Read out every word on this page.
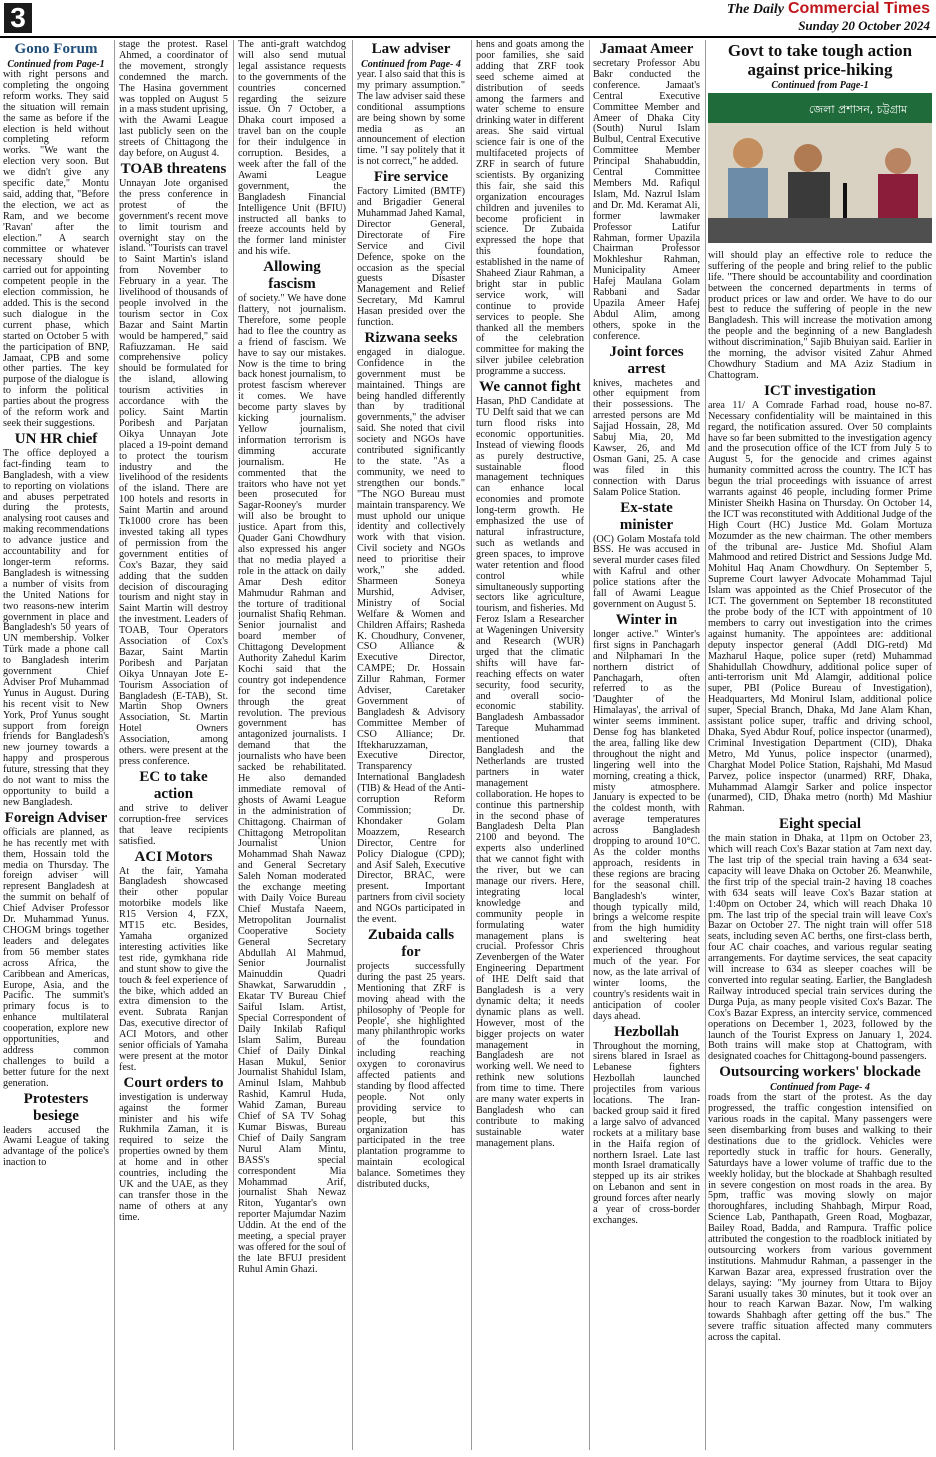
3	The Daily Commercial Times
Sunday 20 October 2024
Gono Forum
Continued from Page-1

with right persons and completing the ongoing reform works. They said the situation will remain the same as before if the election is held without completing reform works. "We want the election very soon. But we didn't give any specific date," Montu said, adding that, "Before the election, we act as Ram, and we become 'Ravan' after the election." A search committee or whatever necessary should be carried out for appointing competent people in the election commission, he added. This is the second such dialogue in the current phase, which started on October 5 with the participation of BNP, Jamaat, CPB and some other parties. The key purpose of the dialogue is to inform the political parties about the progress of the reform work and seek their suggestions.

UN HR chief

The office deployed a fact-finding team to Bangladesh, with a view to reporting on violations and abuses perpetrated during the protests, analysing root causes and making recommendations to advance justice and accountability and for longer-term reforms. Bangladesh is witnessing a number of visits from the United Nations for two reasons-new interim government in place and Bangladesh's 50 years of UN membership. Volker Türk made a phone call to Bangladesh interim government Chief Adviser Prof Muhammad Yunus in August. During his recent visit to New York, Prof Yunus sought support from foreign friends for Bangladesh's new journey towards a happy and prosperous future, stressing that they do not want to miss the opportunity to build a new Bangladesh.

Foreign Adviser

officials are planned, as he has recently met with them, Hossain told the media on Thursday. The foreign adviser will represent Bangladesh at the summit on behalf of Chief Adviser Professor Dr. Muhammad Yunus. CHOGM brings together leaders and delegates from 56 member states across Africa, the Caribbean and Americas, Europe, Asia, and the Pacific. The summit's primary focus is to enhance multilateral cooperation, explore new opportunities, and address common challenges to build a better future for the next generation.

Protesters besiege

leaders accused the Awami League of taking advantage of the police's inaction to

stage the protest. Rasel Ahmed, a coordinator of the movement, strongly condemned the march. The Hasina government was toppled on August 5 in a mass student uprising, with the Awami League last publicly seen on the streets of Chittagong the day before, on August 4.

TOAB threatens

Unnayan Jote organised the press conference in protest of the government's recent move to limit tourism and overnight stay on the island. "Tourists can travel to Saint Martin's island from November to February in a year. The livelihood of thousands of people involved in the tourism sector in Cox Bazar and Saint Martin would be hampered," said Rafiuzzaman. He said comprehensive policy should be formulated for the island, allowing tourism activities in accordance with the policy. Saint Martin Poribesh and Parjatan Oikya Unnayan Jote placed a 19-point demand to protect the tourism industry and the livelihood of the residents of the island. There are 100 hotels and resorts in Saint Martin and around Tk1000 crore has been invested taking all types of permission from the government entities of Cox's Bazar, they said adding that the sudden decision of discouraging tourism and night stay in Saint Martin will destroy the investment. Leaders of TOAB, Tour Operators Association of Cox's Bazar, Saint Martin Poribesh and Parjatan Oikya Unnayan Jote E-Tourism Association of Bangladesh (E-TAB), St. Martin Shop Owners Association, St. Martin Hotel Owners Association, among others. were present at the press conference.

EC to take action

and strive to deliver corruption-free services that leave recipients satisfied.

ACI Motors

At the fair, Yamaha Bangladesh showcased their other popular motorbike models like R15 Version 4, FZX, MT15 etc. Besides, Yamaha organized interesting activities like test ride, gymkhana ride and stunt show to give the touch & feel experience of the bike, which added an extra dimension to the event. Subrata Ranjan Das, executive director of ACI Motors, and other senior officials of Yamaha were present at the motor fest.

Court orders to

investigation is underway against the former minister and his wife Rukhmila Zaman, it is required to seize the properties owned by them at home and in other countries, including the UK and the UAE, as they can transfer those in the name of others at any time.

The anti-graft watchdog will also send mutual legal assistance requests to the governments of the countries concerned regarding the seizure issue. On 7 October, a Dhaka court imposed a travel ban on the couple for their indulgence in corruption. Besides, a week after the fall of the Awami League government, the Bangladesh Financial Intelligence Unit (BFIU) instructed all banks to freeze accounts held by the former land minister and his wife.

Allowing fascism

of society." We have done flattery, not journalism. Therefore, some people had to flee the country as a friend of fascism. We have to say our mistakes. Now is the time to bring back honest journalism, to protest fascism wherever it comes. We have become party slaves by kicking journalism. Yellow journalism, information terrorism is dimming accurate journalism. He commented that the traitors who have not yet been prosecuted for Sagar-Rooney's murder will also be brought to justice. Apart from this, Quader Gani Chowdhury also expressed his anger that no media played a role in the attack on daily Amar Desh editor Mahmudur Rahman and the torture of traditional journalist Shafiq Rehman. Senior journalist and board member of Chittagong Development Authority Zahedul Karim Kochi said that the country got independence for the second time through the great revolution. The previous government has antagonized journalists. I demand that the journalists who have been sacked be rehabilitated. He also demanded immediate removal of ghosts of Awami League in the administration of Chittagong. Chairman of Chittagong Metropolitan Journalist Union Mohammad Shah Nawaz and General Secretary Saleh Noman moderated the exchange meeting with Daily Voice Bureau Chief Mustafa Naeem, Metropolitan Journalist Cooperative Society General Secretary Abdullah Al Mahmud, Senior Journalist Mainuddin Quadri Shawkat, Sarwaruddin , Ekatar TV Bureau Chief Saiful Islam. Artist, Special Correspondent of Daily Inkilab Rafiqul Islam Salim, Bureau Chief of Daily Dinkal Hasan Mukul, Senior Journalist Shahidul Islam, Aminul Islam, Mahbub Rashid, Kamrul Huda, Wahid Zaman, Bureau Chief of SA TV Sohag Kumar Biswas, Bureau Chief of Daily Sangram Nurul Alam Mintu, BASS's special correspondent Mia Mohammad Arif, journalist Shah Newaz Riton, Yugantar's own reporter Majumdar Nazim Uddin. At the end of the meeting, a special prayer was offered for the soul of the late BFUJ president Ruhul Amin Ghazi.

Law adviser
Continued from Page- 4

year. I also said that this is my primary assumption." The law adviser said these conditional assumptions are being shown by some media as an announcement of election time. "I say politely that it is not correct," he added.

Fire service

Factory Limited (BMTF) and Brigadier General Muhammad Jahed Kamal, Director General, Directorate of Fire Service and Civil Defence, spoke on the occasion as the special guests Disaster Management and Relief Secretary, Md Kamrul Hasan presided over the function.

Rizwana seeks

engaged in dialogue. Confidence in the government must be maintained. Things are being handled differently than by traditional governments," the adviser said. She noted that civil society and NGOs have contributed significantly to the state. "As a community, we need to strengthen our bonds." "The NGO Bureau must maintain transparency. We must uphold our unique identity and collectively work with that vision. Civil society and NGOs need to prioritise their work," she added. Sharmeen Soneya Murshid, Adviser, Ministry of Social Welfare & Women and Children Affairs; Rasheda K. Choudhury, Convener, CSO Alliance & Executive Director, CAMPE; Dr. Hossain Zillur Rahman, Former Adviser, Caretaker Government of Bangladesh & Advisory Committee Member of CSO Alliance; Dr. Iftekharuzzaman, Executive Director, Transparency International Bangladesh (TIB) & Head of the Anti-corruption Reform Commission; Dr. Khondaker Golam Moazzem, Research Director, Centre for Policy Dialogue (CPD); and Asif Saleh, Executive Director, BRAC, were present. Important partners from civil society and NGOs participated in the event.

Zubaida calls for

projects successfully during the past 25 years. Mentioning that ZRF is moving ahead with the philosophy of 'People for People', she highlighted many philanthropic works of the foundation including reaching oxygen to coronavirus affected patients and standing by flood affected people. Not only providing service to people, but this organization has participated in the tree plantation programme to maintain ecological balance. Sometimes they distributed ducks,

hens and goats among the poor families, she said adding that ZRF took seed scheme aimed at distribution of seeds among the farmers and water scheme to ensure drinking water in different areas. She said virtual science fair is one of the multifaceted projects of ZRF in search of future scientists. By organizing this fair, she said this organization encourages children and juveniles to become proficient in science. Dr Zubaida expressed the hope that this foundation, established in the name of Shaheed Ziaur Rahman, a bright star in public service work, will continue to provide services to people. She thanked all the members of the celebration committee for making the silver jubilee celebration programme a success.

We cannot fight

Hasan, PhD Candidate at TU Delft said that we can turn flood risks into economic opportunities. Instead of viewing floods as purely destructive, sustainable flood management techniques can enhance local economies and promote long-term growth. He emphasized the use of natural infrastructure, such as wetlands and green spaces, to improve water retention and flood control while simultaneously supporting sectors like agriculture, tourism, and fisheries. Md Feroz Islam a Researcher at Wageningen University and Research (WUR) urged that the climatic shifts will have far-reaching effects on water security, food security, and overall socio-economic stability. Bangladesh Ambassador Tareque Muhammad mentioned that Bangladesh and the Netherlands are trusted partners in water management collaboration. He hopes to continue this partnership in the second phase of Bangladesh Delta Plan 2100 and beyond. The experts also underlined that we cannot fight with the river, but we can manage our rivers. Here, integrating local knowledge and community people in formulating water management plans is crucial. Professor Chris Zevenbergen of the Water Engineering Department of IHE Delft said that Bangladesh is a very dynamic delta; it needs dynamic plans as well. However, most of the bigger projects on water management in Bangladesh are not working well. We need to rethink new solutions from time to time. There are many water experts in Bangladesh who can contribute to making sustainable water management plans.

Jamaat Ameer

secretary Professor Abu Bakr conducted the conference. Jamaat's Central Executive Committee Member and Ameer of Dhaka City (South) Nurul Islam Bulbul, Central Executive Committee Member Principal Shahabuddin, Central Committee Members Md. Rafiqul Islam, Md. Nazrul Islam and Dr. Md. Keramat Ali, former lawmaker Professor Latifur Rahman, former Upazila Chairman Professor Mokhleshur Rahman, Municipality Ameer Hafej Maulana Golam Rabbani and Sadar Upazila Ameer Hafej Abdul Alim, among others, spoke in the conference.

Joint forces arrest

knives, machetes and other equipment from their possessions. The arrested persons are Md Sajjad Hossain, 28, Md Sabuj Mia, 20, Md Kawser, 26, and Md Osman Gani, 25. A case was filed in this connection with Darus Salam Police Station.

Ex-state minister

(OC) Golam Mostafa told BSS. He was accused in several murder cases filed with Kafrul and other police stations after the fall of Awami League government on August 5.

Winter in

longer active." Winter's first signs in Panchagarh and Nilphamari In the northern district of Panchagarh, often referred to as the 'Daughter of the Himalayas', the arrival of winter seems imminent. Dense fog has blanketed the area, falling like dew throughout the night and lingering well into the morning, creating a thick, misty atmosphere. January is expected to be the coldest month, with average temperatures across Bangladesh dropping to around 10°C. As the colder months approach, residents in these regions are bracing for the seasonal chill. Bangladesh's winter, though typically mild, brings a welcome respite from the high humidity and sweltering heat experienced throughout much of the year. For now, as the late arrival of winter looms, the country's residents wait in anticipation of cooler days ahead.

Hezbollah

Throughout the morning, sirens blared in Israel as Lebanese fighters Hezbollah launched projectiles from various locations. The Iran-backed group said it fired a large salvo of advanced rockets at a military base in the Haifa region of northern Israel. Late last month Israel dramatically stepped up its air strikes on Lebanon and sent in ground forces after nearly a year of cross-border exchanges.

Govt to take tough action against price-hiking
Continued from Page-1
জেলা প্রশাসন, চট্টগ্রাম

will should play an effective role to reduce the suffering of the people and bring relief to the public life. "There should be accountability and coordination between the concerned departments in terms of product prices or law and order. We have to do our best to reduce the suffering of people in the new Bangladesh. This will increase the motivation among the people and the beginning of a new Bangladesh without discrimination," Sajib Bhuiyan said. Earlier in the morning, the advisor visited Zahur Ahmed Chowdhury Stadium and MA Aziz Stadium in Chattogram.

ICT investigation

area 11/ A Comrade Farhad road, house no-87. Necessary confidentiality will be maintained in this regard, the notification assured. Over 50 complaints have so far been submitted to the investigation agency and the prosecution office of the ICT from July 5 to August 5, for the genocide and crimes against humanity committed across the country. The ICT has begun the trial proceedings with issuance of arrest warrants against 46 people, including former Prime Minister Sheikh Hasina on Thursday. On October 14, the ICT was reconstituted with Additional Judge of the High Court (HC) Justice Md. Golam Mortuza Mozumder as the new chairman. The other members of the tribunal are- Justice Md. Shofiul Alam Mahmood and retired District and Sessions Judge Md. Mohitul Haq Anam Chowdhury. On September 5, Supreme Court lawyer Advocate Mohammad Tajul Islam was appointed as the Chief Prosecutor of the ICT. The government on September 18 reconstituted the probe body of the ICT with appointment of 10 members to carry out investigation into the crimes against humanity. The appointees are: additional deputy inspector general (Addl DIG-retd) Md Mazharul Haque, police super (retd) Muhammad Shahidullah Chowdhury, additional police super of anti-terrorism unit Md Alamgir, additional police super, PBI (Police Bureau of Investigation), Headquarters, Md Monirul Islam, additional police super, Special Branch, Dhaka, Md Jane Alam Khan, assistant police super, traffic and driving school, Dhaka, Syed Abdur Rouf, police inspector (unarmed), Criminal Investigation Department (CID), Dhaka Metro, Md Yunus, police inspector (unarmed), Charghat Model Police Station, Rajshahi, Md Masud Parvez, police inspector (unarmed) RRF, Dhaka, Muhammad Alamgir Sarker and police inspector (unarmed), CID, Dhaka metro (north) Md Mashiur Rahman.

Eight special

the main station in Dhaka, at 11pm on October 23, which will reach Cox's Bazar station at 7am next day. The last trip of the special train having a 634 seat-capacity will leave Dhaka on October 26. Meanwhile, the first trip of the special train-2 having 18 coaches with 634 seats will leave Cox's Bazar station at 1:40pm on October 24, which will reach Dhaka 10 pm. The last trip of the special train will leave Cox's Bazar on October 27. The night train will offer 518 seats, including seven AC berths, one first-class berth, four AC chair coaches, and various regular seating arrangements. For daytime services, the seat capacity will increase to 634 as sleeper coaches will be converted into regular seating. Earlier, the Bangladesh Railway introduced special train services during the Durga Puja, as many people visited Cox's Bazar. The Cox's Bazar Express, an intercity service, commenced operations on December 1, 2023, followed by the launch of the Tourist Express on January 1, 2024. Both trains will make stop at Chattogram, with designated coaches for Chittagong-bound passengers.

Outsourcing workers' blockade
Continued from Page- 4

roads from the start of the protest. As the day progressed, the traffic congestion intensified on various roads in the capital. Many passengers were seen disembarking from buses and walking to their destinations due to the gridlock. Vehicles were reportedly stuck in traffic for hours. Generally, Saturdays have a lower volume of traffic due to the weekly holiday, but the blockade at Shahbagh resulted in severe congestion on most roads in the area. By 5pm, traffic was moving slowly on major thoroughfares, including Shahbagh, Mirpur Road, Science Lab, Panthapath, Green Road, Mogbazar, Bailey Road, Badda, and Rampura. Traffic police attributed the congestion to the roadblock initiated by outsourcing workers from various government institutions. Mahmudur Rahman, a passenger in the Karwan Bazar area, expressed frustration over the delays, saying: "My journey from Uttara to Bijoy Sarani usually takes 30 minutes, but it took over an hour to reach Karwan Bazar. Now, I'm walking towards Shahbagh after getting off the bus." The severe traffic situation affected many commuters across the capital.
